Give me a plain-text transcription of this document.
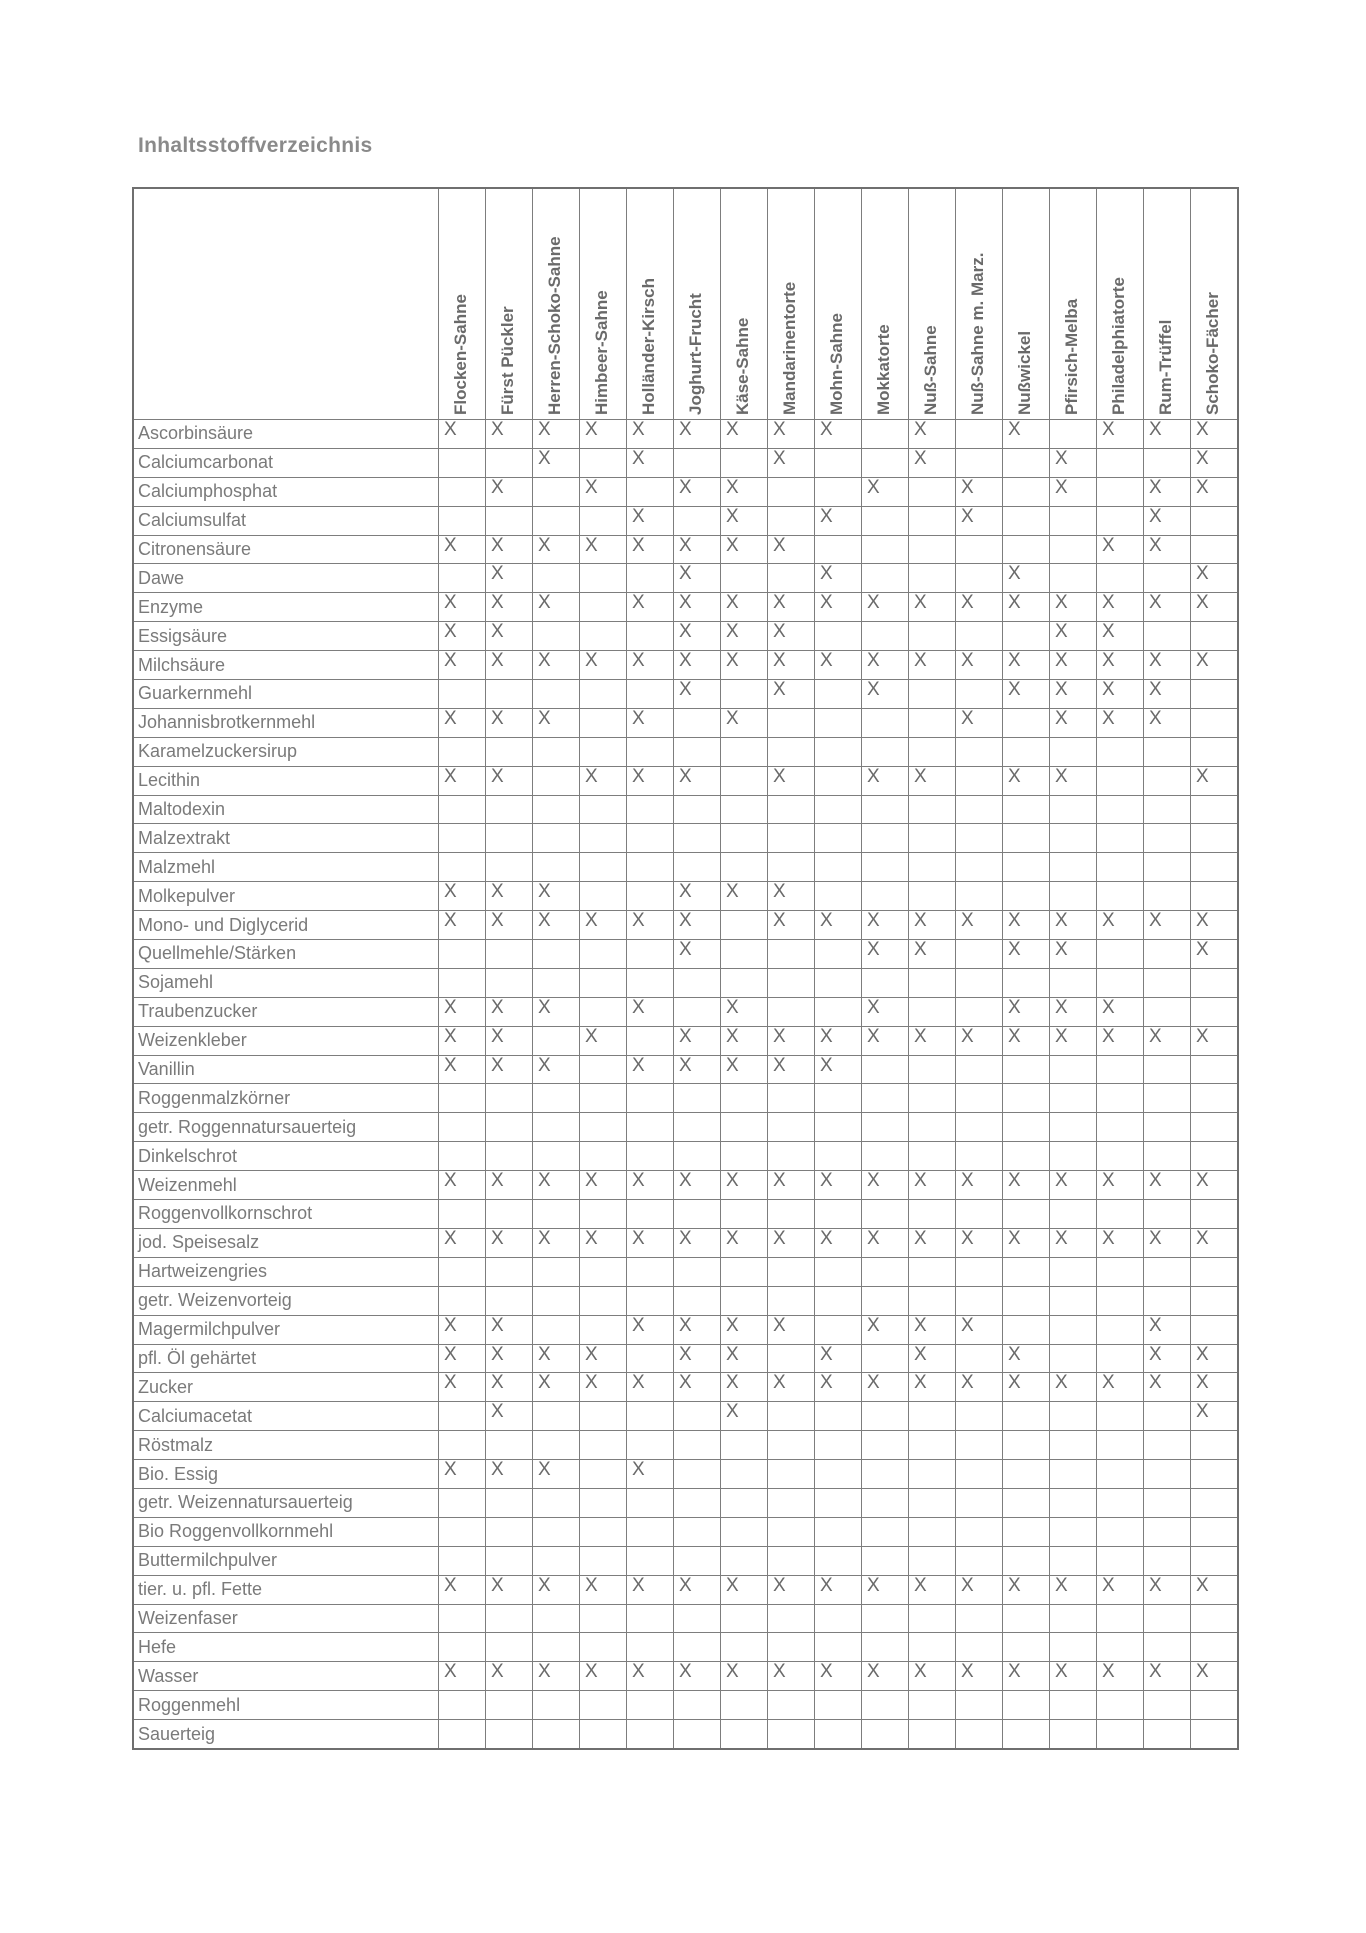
Inhaltsstoffverzeichnis

	Flocken-Sahne	Fürst Pückler	Herren-Schoko-Sahne	Himbeer-Sahne	Holländer-Kirsch	Joghurt-Frucht	Käse-Sahne	Mandarinentorte	Mohn-Sahne	Mokkatorte	Nuß-Sahne	Nuß-Sahne m. Marz.	Nußwickel	Pfirsich-Melba	Philadelphiatorte	Rum-Trüffel	Schoko-Fächer

Ascorbinsäure	X	X	X	X	X	X	X	X	X		X		X		X	X	X
Calciumcarbonat			X		X			X			X			X			X
Calciumphosphat		X		X		X	X			X		X		X		X	X
Calciumsulfat					X		X		X			X				X	
Citronensäure	X	X	X	X	X	X	X	X							X	X	
Dawe		X				X			X				X				X
Enzyme	X	X	X		X	X	X	X	X	X	X	X	X	X	X	X	X
Essigsäure	X	X				X	X	X						X	X		
Milchsäure	X	X	X	X	X	X	X	X	X	X	X	X	X	X	X	X	X
Guarkernmehl						X		X		X			X	X	X	X	
Johannisbrotkernmehl	X	X	X		X		X					X		X	X	X	
Karamelzuckersirup																	
Lecithin	X	X		X	X	X		X		X	X		X	X			X
Maltodexin																	
Malzextrakt																	
Malzmehl																	
Molkepulver	X	X	X			X	X	X									
Mono- und Diglycerid	X	X	X	X	X	X		X	X	X	X	X	X	X	X	X	X
Quellmehle/Stärken						X				X	X		X	X			X
Sojamehl																	
Traubenzucker	X	X	X		X		X			X			X	X	X		
Weizenkleber	X	X		X		X	X	X	X	X	X	X	X	X	X	X	X
Vanillin	X	X	X		X	X	X	X	X								
Roggenmalzkörner																	
getr. Roggennatursauerteig																	
Dinkelschrot																	
Weizenmehl	X	X	X	X	X	X	X	X	X	X	X	X	X	X	X	X	X
Roggenvollkornschrot																	
jod. Speisesalz	X	X	X	X	X	X	X	X	X	X	X	X	X	X	X	X	X
Hartweizengries																	
getr. Weizenvorteig																	
Magermilchpulver	X	X			X	X	X	X		X	X	X				X	
pfl. Öl gehärtet	X	X	X	X		X	X		X		X		X			X	X
Zucker	X	X	X	X	X	X	X	X	X	X	X	X	X	X	X	X	X
Calciumacetat		X					X										X
Röstmalz																	
Bio. Essig	X	X	X		X												
getr. Weizennatursauerteig																	
Bio Roggenvollkornmehl																	
Buttermilchpulver																	
tier. u. pfl. Fette	X	X	X	X	X	X	X	X	X	X	X	X	X	X	X	X	X
Weizenfaser																	
Hefe																	
Wasser	X	X	X	X	X	X	X	X	X	X	X	X	X	X	X	X	X
Roggenmehl																	
Sauerteig																	
